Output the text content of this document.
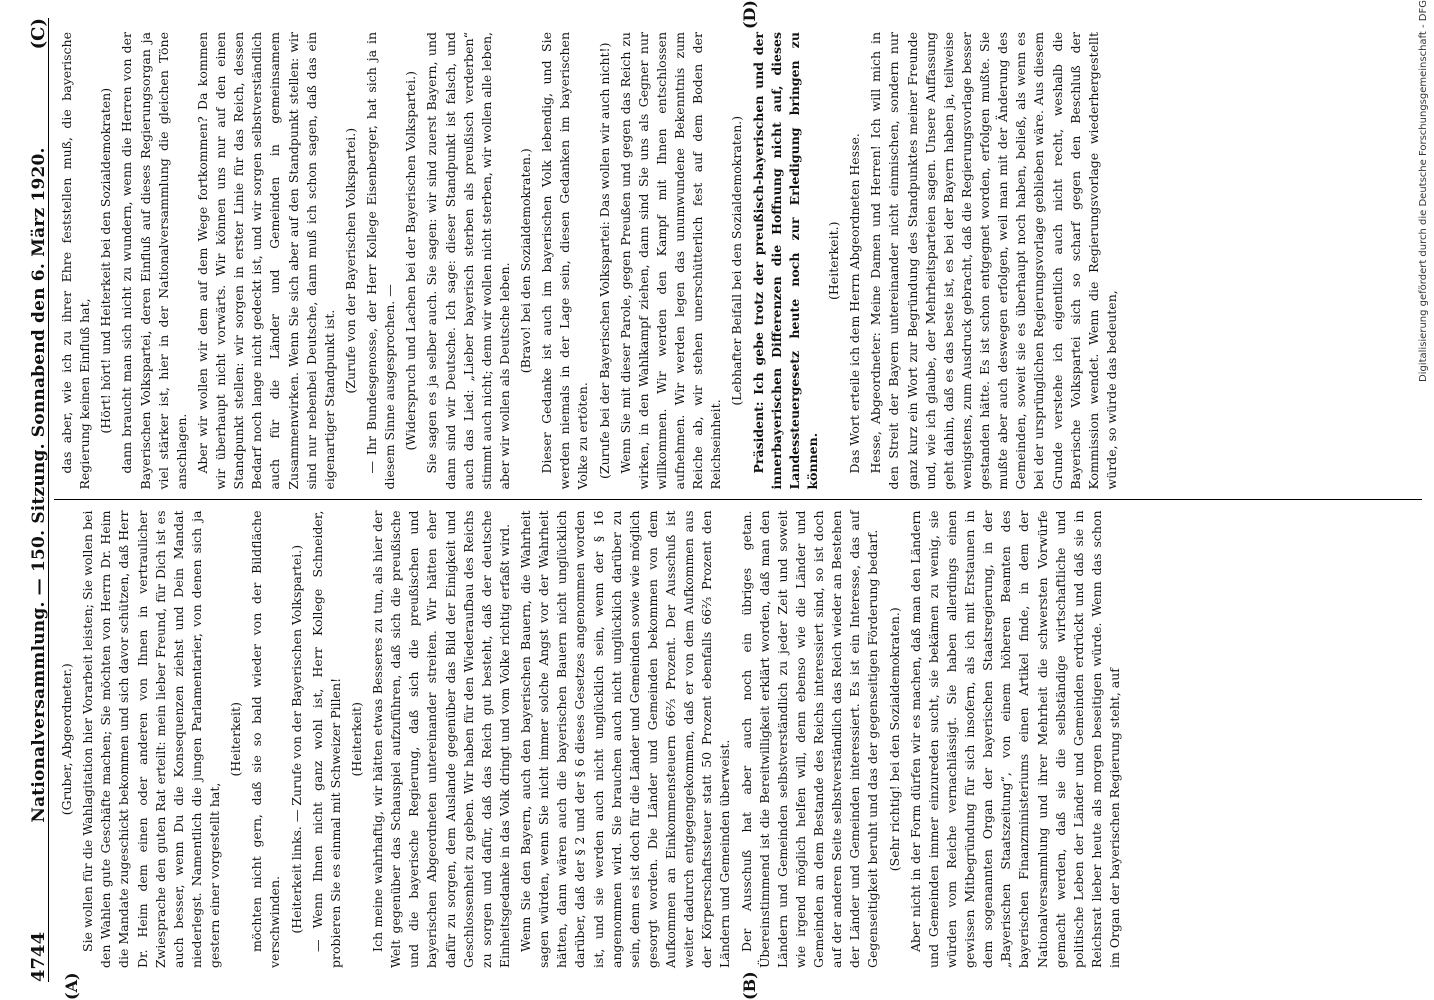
4744
Nationalversammlung. — 150. Sitzung. Sonnabend den 6. März 1920.
(C)
(A)	(B)
(D)

(Gruber, Abgeordneter.) Sie wollen für die Wahlagitation hier Vorarbeit leisten; Sie wollen bei den Wahlen gute Geschäfte machen; Sie möchten von Herrn Dr. Heim die Mandate zugeschickt bekommen und sich davor schützen, daß Herr Dr. Heim dem einen oder anderen von Ihnen in vertraulicher Zwiesprache den guten Rat erteilt: mein lieber Freund, für Dich ist es auch besser, wenn Du die Konsequenzen ziehst und Dein Mandat niederlegst. Namentlich die jungen Parlamentarier, von denen sich ja gestern einer vorgestellt hat,

(Heiterkeit) möchten nicht gern, daß sie so bald wieder von der Bildfläche verschwinden. (Heiterkeit links. — Zurufe von der Bayerischen Volkspartei.) — Wenn Ihnen nicht ganz wohl ist, Herr Kollege Schneider, probieren Sie es einmal mit Schweizer Pillen! (Heiterkeit) Ich meine wahrhaftig, wir hätten etwas Besseres zu tun, als hier der Welt gegenüber das Schauspiel aufzuführen, daß sich die preußische und die bayerische Regierung, daß sich die preußischen und bayerischen Abgeordneten untereinander streiten. Wir hätten eher dafür zu sorgen, dem Auslande gegenüber das Bild der Einigkeit und Geschlossenheit zu geben. Wir haben für den Wiederaufbau des Reichs zu sorgen und dafür, daß das Reich gut besteht, daß der deutsche Einheitsgedanke in das Volk dringt und vom Volke richtig erfaßt wird. Wenn Sie den Bayern, auch den bayerischen Bauern, die Wahrheit sagen würden, wenn Sie nicht immer solche Angst vor der Wahrheit hätten, dann wären auch die bayerischen Bauern nicht unglücklich darüber, daß der § 2 und der § 6 dieses Gesetzes angenommen worden ist, und sie werden auch nicht unglücklich sein, wenn der § 16 angenommen wird. Sie brauchen auch nicht unglücklich darüber zu sein, denn es ist doch für die Länder und Gemeinden sowie wie möglich gesorgt worden. Die Länder und Gemeinden bekommen von dem Aufkommen an Einkommensteuern 66⅔ Prozent. Der Ausschuß ist weiter dadurch entgegengekommen, daß er von dem Aufkommen aus der Körperschaftssteuer statt 50 Prozent ebenfalls 66⅔ Prozent den Ländern und Gemeinden überweist. Der Ausschuß hat aber auch noch ein übriges getan. Übereinstimmend ist die Bereitwilligkeit erklärt worden, daß man den Ländern und Gemeinden selbstverständlich zu jeder Zeit und soweit wie irgend möglich helfen will, denn ebenso wie die Länder und Gemeinden an dem Bestande des Reichs interessiert sind, so ist doch auf der anderen Seite selbstverständlich das Reich wieder an Bestehen der Länder und Gemeinden interessiert. Es ist ein Interesse, das auf Gegenseitigkeit beruht und das der gegenseitigen Förderung bedarf. (Sehr richtig! bei den Sozialdemokraten.) Aber nicht in der Form dürfen wir es machen, daß man den Ländern und Gemeinden immer einzureden sucht, sie bekämen zu wenig, sie würden vom Reiche vernachlässigt. Sie haben allerdings einen gewissen Mitbegründung für sich insofern, als ich mit Erstaunen in dem sogenannten Organ der bayerischen Staatsregierung, in der „Bayerischen Staatszeitung“, von einem höheren Beamten des bayerischen Finanzministeriums einen Artikel finde, in dem der Nationalversammlung und ihrer Mehrheit die schwersten Vorwürfe gemacht werden, daß sie die selbständige wirtschaftliche und politische Leben der Länder und Gemeinden erdrückt und daß sie in Reichsrat lieber heute als morgen beseitigen würde. Wenn das schon im Organ der bayerischen Regierung steht, auf

das aber, wie ich zu ihrer Ehre feststellen muß, die bayerische Regierung keinen Einfluß hat, (Hört! hört! und Heiterkeit bei den Sozialdemokraten) dann braucht man sich nicht zu wundern, wenn die Herren von der Bayerischen Volkspartei, deren Einfluß auf dieses Regierungsorgan ja viel stärker ist, hier in der Nationalversammlung die gleichen Töne anschlagen. Aber wir wollen wir dem auf dem Wege fortkommen? Da kommen wir überhaupt nicht vorwärts. Wir können uns nur auf den einen Standpunkt stellen: wir sorgen in erster Linie für das Reich, dessen Bedarf noch lange nicht gedeckt ist, und wir sorgen selbstverständlich auch für die Länder und Gemeinden in gemeinsamem Zusammenwirken. Wenn Sie sich aber auf den Standpunkt stellen: wir sind nur nebenbei Deutsche, dann muß ich schon sagen, daß das ein eigenartiger Standpunkt ist.

(Zurufe von der Bayerischen Volkspartei.) — Ihr Bundesgenosse, der Herr Kollege Eisenberger, hat sich ja in diesem Sinne ausgesprochen. — (Widerspruch und Lachen bei der Bayerischen Volkspartei.) Sie sagen es ja selber auch. Sie sagen: wir sind zuerst Bayern, und dann sind wir Deutsche. Ich sage: dieser Standpunkt ist falsch, und auch das Lied: „Lieber bayerisch sterben als preußisch verderben“ stimmt auch nicht; denn wir wollen nicht sterben, wir wollen alle leben, aber wir wollen als Deutsche leben.

(Bravo! bei den Sozialdemokraten.) Dieser Gedanke ist auch im bayerischen Volk lebendig, und Sie werden niemals in der Lage sein, diesen Gedanken im bayerischen Volke zu ertöten. (Zurufe bei der Bayerischen Volkspartei: Das wollen wir auch nicht!) Wenn Sie mit dieser Parole, gegen Preußen und gegen das Reich zu wirken, in den Wahlkampf ziehen, dann sind Sie uns als Gegner nur willkommen. Wir werden den Kampf mit Ihnen entschlossen aufnehmen. Wir werden legen das unumwundene Bekenntnis zum Reiche ab, wir stehen unerschütterlich fest auf dem Boden der Reichseinheit.

(Lebhafter Beifall bei den Sozialdemokraten.) Präsident: Ich gebe trotz der preußisch-bayerischen und der innerbayerischen Differenzen die Hoffnung nicht auf, dieses Landessteuergesetz heute noch zur Erledigung bringen zu können.

(Heiterkeit.) Das Wort erteile ich dem Herrn Abgeordneten Hesse. Hesse, Abgeordneter: Meine Damen und Herren! Ich will mich in den Streit der Bayern untereinander nicht einmischen, sondern nur ganz kurz ein Wort zur Begründung des Standpunktes meiner Freunde und, wie ich glaube, der Mehrheitsparteien sagen. Unsere Auffassung geht dahin, daß es das beste ist, es bei der Bayern haben ja, teilweise wenigstens, zum Ausdruck gebracht, daß die Regierungsvorlage besser gestanden hätte. Es ist schon entgegnet worden, erfolgen mußte. Sie mußte aber auch deswegen erfolgen, weil man mit der Änderung des Gemeinden, soweit sie es überhaupt noch haben, beließ, als wenn es bei der ursprünglichen Regierungsvorlage geblieben wäre. Aus diesem Grunde verstehe ich eigentlich auch nicht recht, weshalb die Bayerische Volkspartei sich so scharf gegen den Beschluß der Kommission wendet. Wenn die Regierungsvorlage wiederhergestellt würde, so würde das bedeuten,

Digitalisierung gefördert durch die Deutsche Forschungsgemeinschaft - DFG
